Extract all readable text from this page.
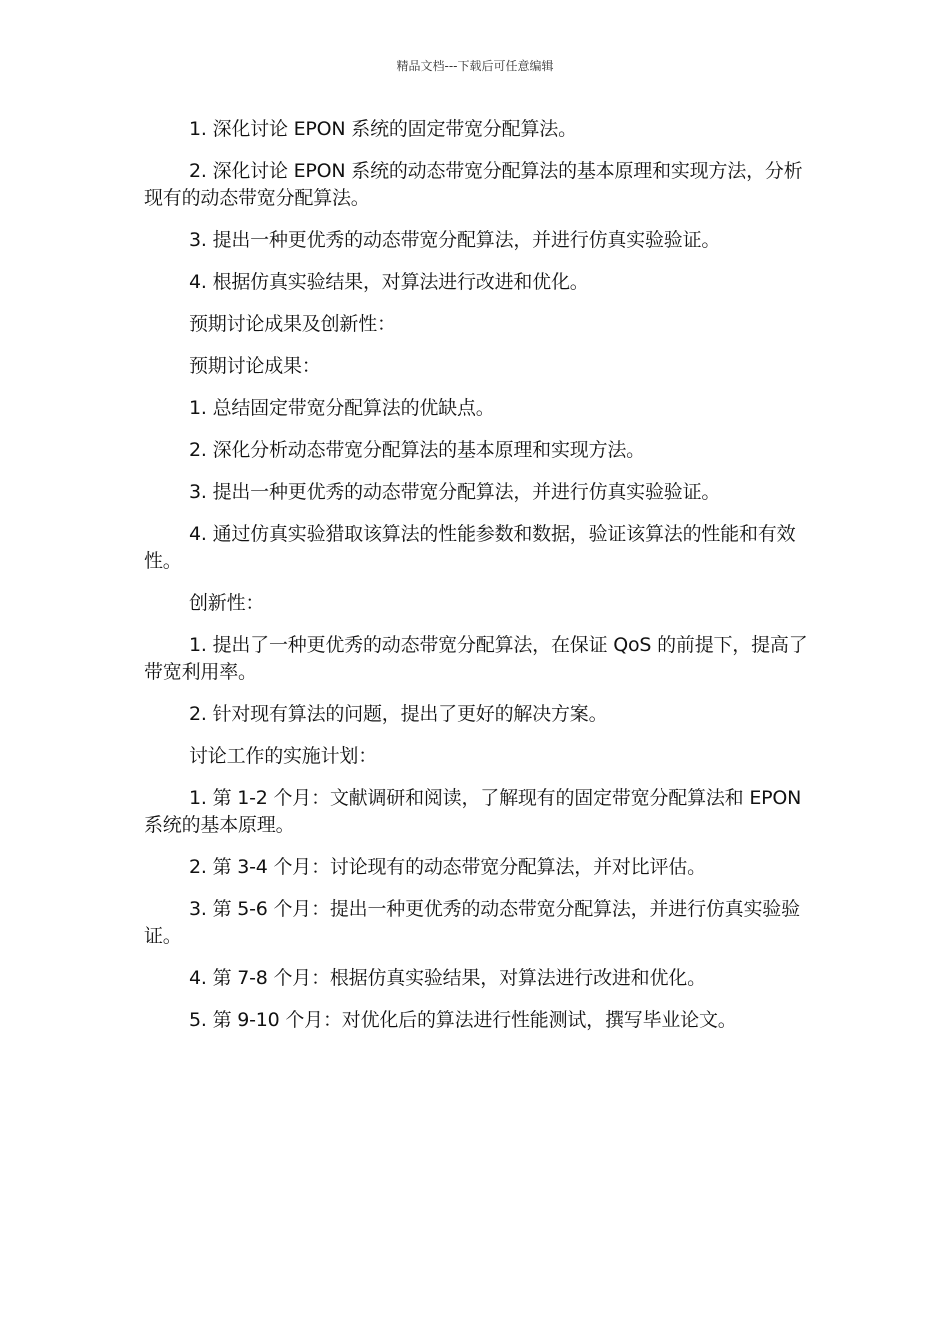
精品文档---下载后可任意编辑

1. 深化讨论 EPON 系统的固定带宽分配算法。

2. 深化讨论 EPON 系统的动态带宽分配算法的基本原理和实现方法，分析现有的动态带宽分配算法。

3. 提出一种更优秀的动态带宽分配算法，并进行仿真实验验证。

4. 根据仿真实验结果，对算法进行改进和优化。

预期讨论成果及创新性：

预期讨论成果：

1. 总结固定带宽分配算法的优缺点。

2. 深化分析动态带宽分配算法的基本原理和实现方法。

3. 提出一种更优秀的动态带宽分配算法，并进行仿真实验验证。

4. 通过仿真实验猎取该算法的性能参数和数据，验证该算法的性能和有效性。

创新性：

1. 提出了一种更优秀的动态带宽分配算法，在保证 QoS 的前提下，提高了带宽利用率。

2. 针对现有算法的问题，提出了更好的解决方案。

讨论工作的实施计划：

1. 第 1-2 个月：文献调研和阅读，了解现有的固定带宽分配算法和 EPON 系统的基本原理。

2. 第 3-4 个月：讨论现有的动态带宽分配算法，并对比评估。

3. 第 5-6 个月：提出一种更优秀的动态带宽分配算法，并进行仿真实验验证。

4. 第 7-8 个月：根据仿真实验结果，对算法进行改进和优化。

5. 第 9-10 个月：对优化后的算法进行性能测试，撰写毕业论文。
